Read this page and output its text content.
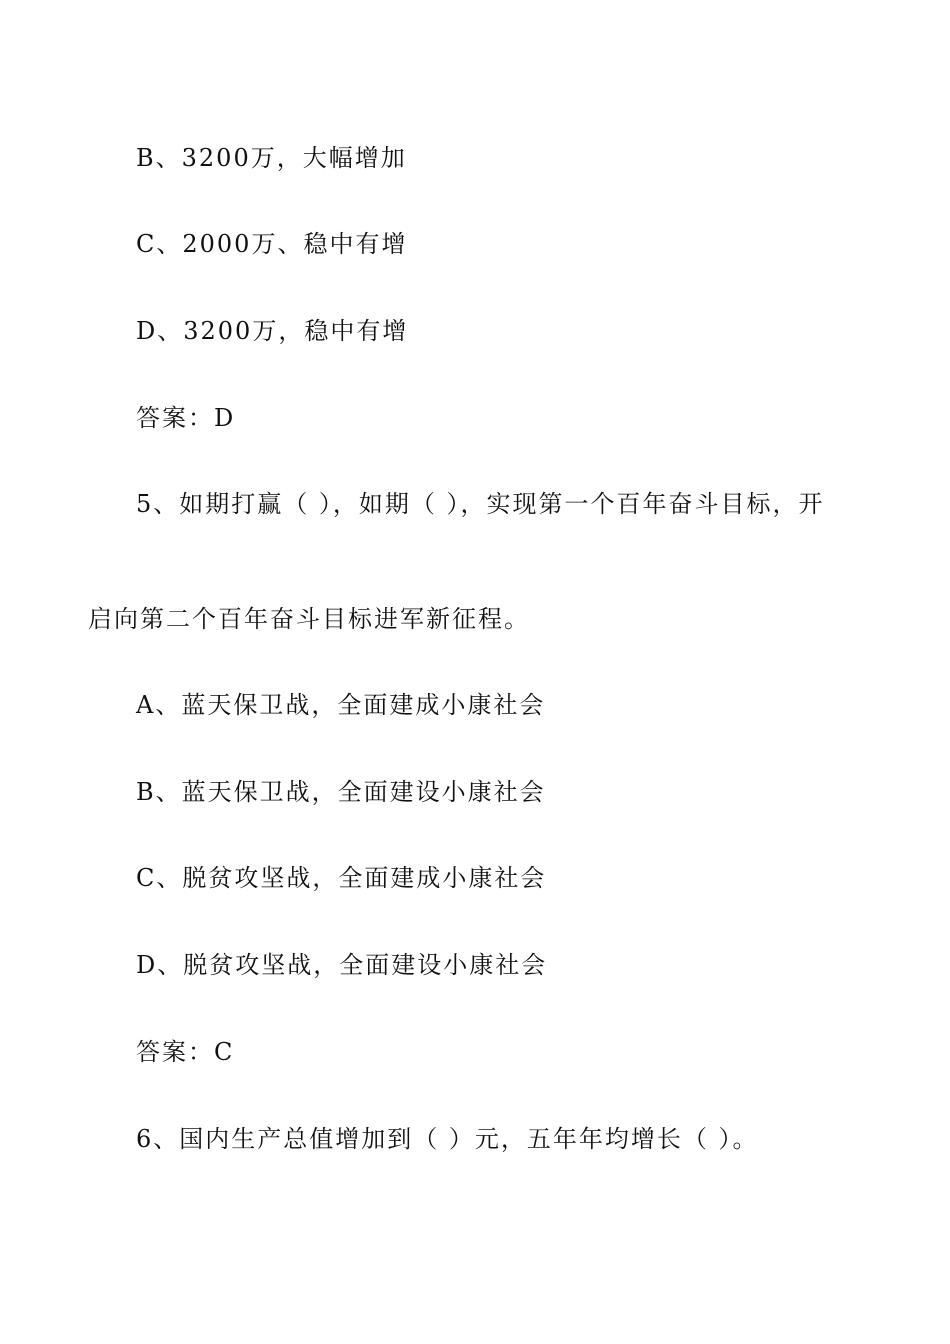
B、3200万，大幅增加
C、2000万、稳中有增
D、3200万，稳中有增
答案：D
5、如期打赢（ ），如期（ ），实现第一个百年奋斗目标，开
启向第二个百年奋斗目标进军新征程。
A、蓝天保卫战，全面建成小康社会
B、蓝天保卫战，全面建设小康社会
C、脱贫攻坚战，全面建成小康社会
D、脱贫攻坚战，全面建设小康社会
答案：C
6、国内生产总值增加到（ ）元，五年年均增长（ ）。
